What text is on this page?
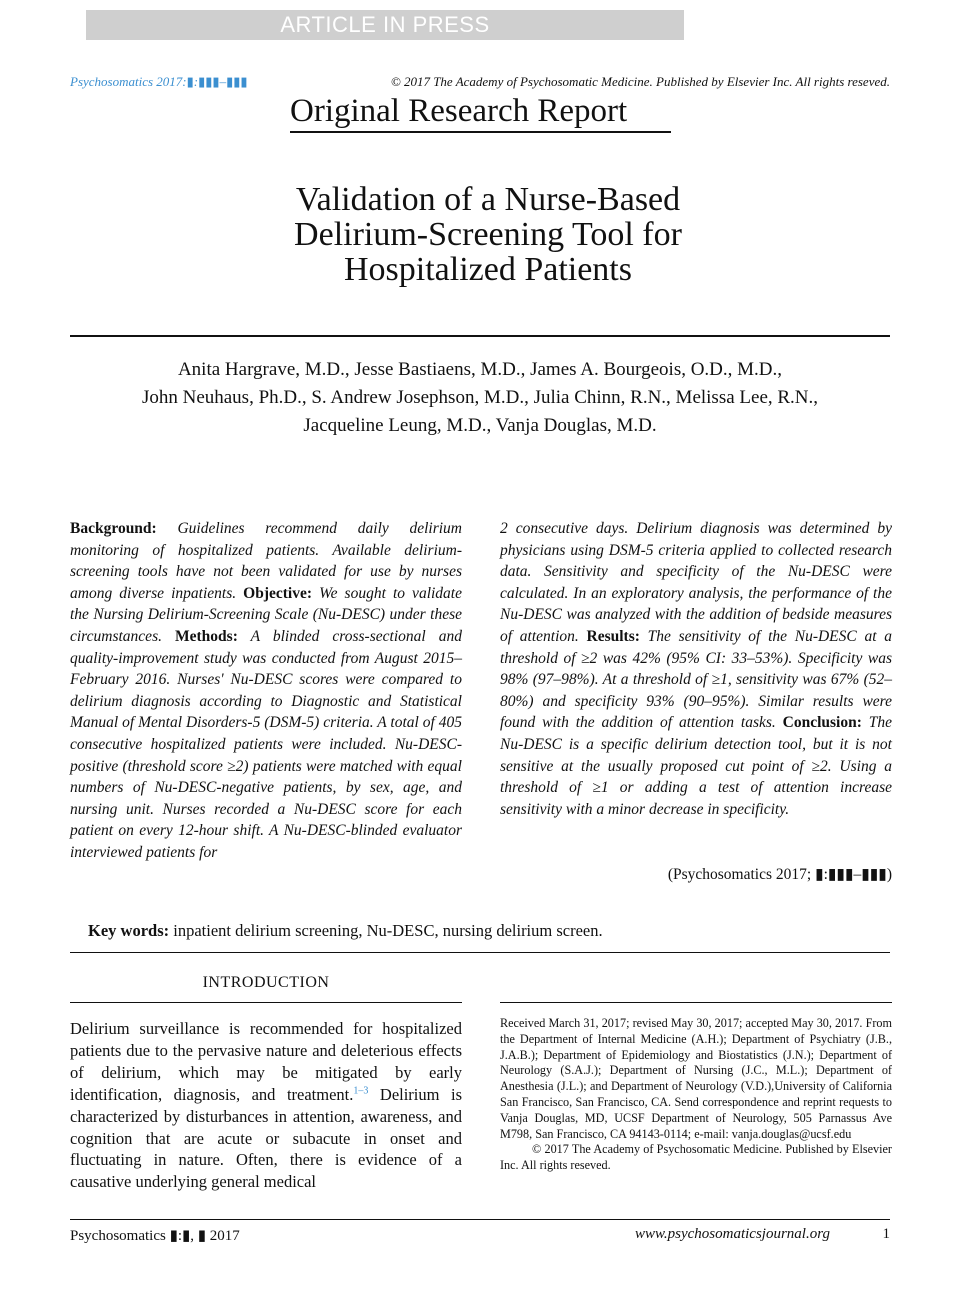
ARTICLE IN PRESS
Psychosomatics 2017:▮:▮▮▮–▮▮▮	© 2017 The Academy of Psychosomatic Medicine. Published by Elsevier Inc. All rights reseved.
Original Research Report
Validation of a Nurse-Based
Delirium-Screening Tool for
Hospitalized Patients
Anita Hargrave, M.D., Jesse Bastiaens, M.D., James A. Bourgeois, O.D., M.D.,
John Neuhaus, Ph.D., S. Andrew Josephson, M.D., Julia Chinn, R.N., Melissa Lee, R.N.,
Jacqueline Leung, M.D., Vanja Douglas, M.D.
Background: Guidelines recommend daily delirium monitoring of hospitalized patients. Available delirium-screening tools have not been validated for use by nurses among diverse inpatients. Objective: We sought to validate the Nursing Delirium-Screening Scale (Nu-DESC) under these circumstances. Methods: A blinded cross-sectional and quality-improvement study was conducted from August 2015–February 2016. Nurses' Nu-DESC scores were compared to delirium diagnosis according to Diagnostic and Statistical Manual of Mental Disorders-5 (DSM-5) criteria. A total of 405 consecutive hospitalized patients were included. Nu-DESC-positive (threshold score ≥2) patients were matched with equal numbers of Nu-DESC-negative patients, by sex, age, and nursing unit. Nurses recorded a Nu-DESC score for each patient on every 12-hour shift. A Nu-DESC-blinded evaluator interviewed patients for
2 consecutive days. Delirium diagnosis was determined by physicians using DSM-5 criteria applied to collected research data. Sensitivity and specificity of the Nu-DESC were calculated. In an exploratory analysis, the performance of the Nu-DESC was analyzed with the addition of bedside measures of attention. Results: The sensitivity of the Nu-DESC at a threshold of ≥2 was 42% (95% CI: 33–53%). Specificity was 98% (97–98%). At a threshold of ≥1, sensitivity was 67% (52–80%) and specificity 93% (90–95%). Similar results were found with the addition of attention tasks. Conclusion: The Nu-DESC is a specific delirium detection tool, but it is not sensitive at the usually proposed cut point of ≥2. Using a threshold of ≥1 or adding a test of attention increase sensitivity with a minor decrease in specificity.
(Psychosomatics 2017; ▮:▮▮▮–▮▮▮)
Key words: inpatient delirium screening, Nu-DESC, nursing delirium screen.
INTRODUCTION
Delirium surveillance is recommended for hospitalized patients due to the pervasive nature and deleterious effects of delirium, which may be mitigated by early identification, diagnosis, and treatment.$^{1-3}$ Delirium is characterized by disturbances in attention, awareness, and cognition that are acute or subacute in onset and fluctuating in nature. Often, there is evidence of a causative underlying general medical

Received March 31, 2017; revised May 30, 2017; accepted May 30, 2017. From the Department of Internal Medicine (A.H.); Department of Psychiatry (J.B., J.A.B.); Department of Epidemiology and Biostatistics (J.N.); Department of Neurology (S.A.J.); Department of Nursing (J.C., M.L.); Department of Anesthesia (J.L.); and Department of Neurology (V.D.),University of California San Francisco, San Francisco, CA. Send correspondence and reprint requests to Vanja Douglas, MD, UCSF Department of Neurology, 505 Parnassus Ave M798, San Francisco, CA 94143-0114; e-mail: vanja.douglas@ucsf.edu

© 2017 The Academy of Psychosomatic Medicine. Published by Elsevier Inc. All rights reseved.

Psychosomatics ▮:▮, ▮ 2017	www.psychosomaticsjournal.org	1
